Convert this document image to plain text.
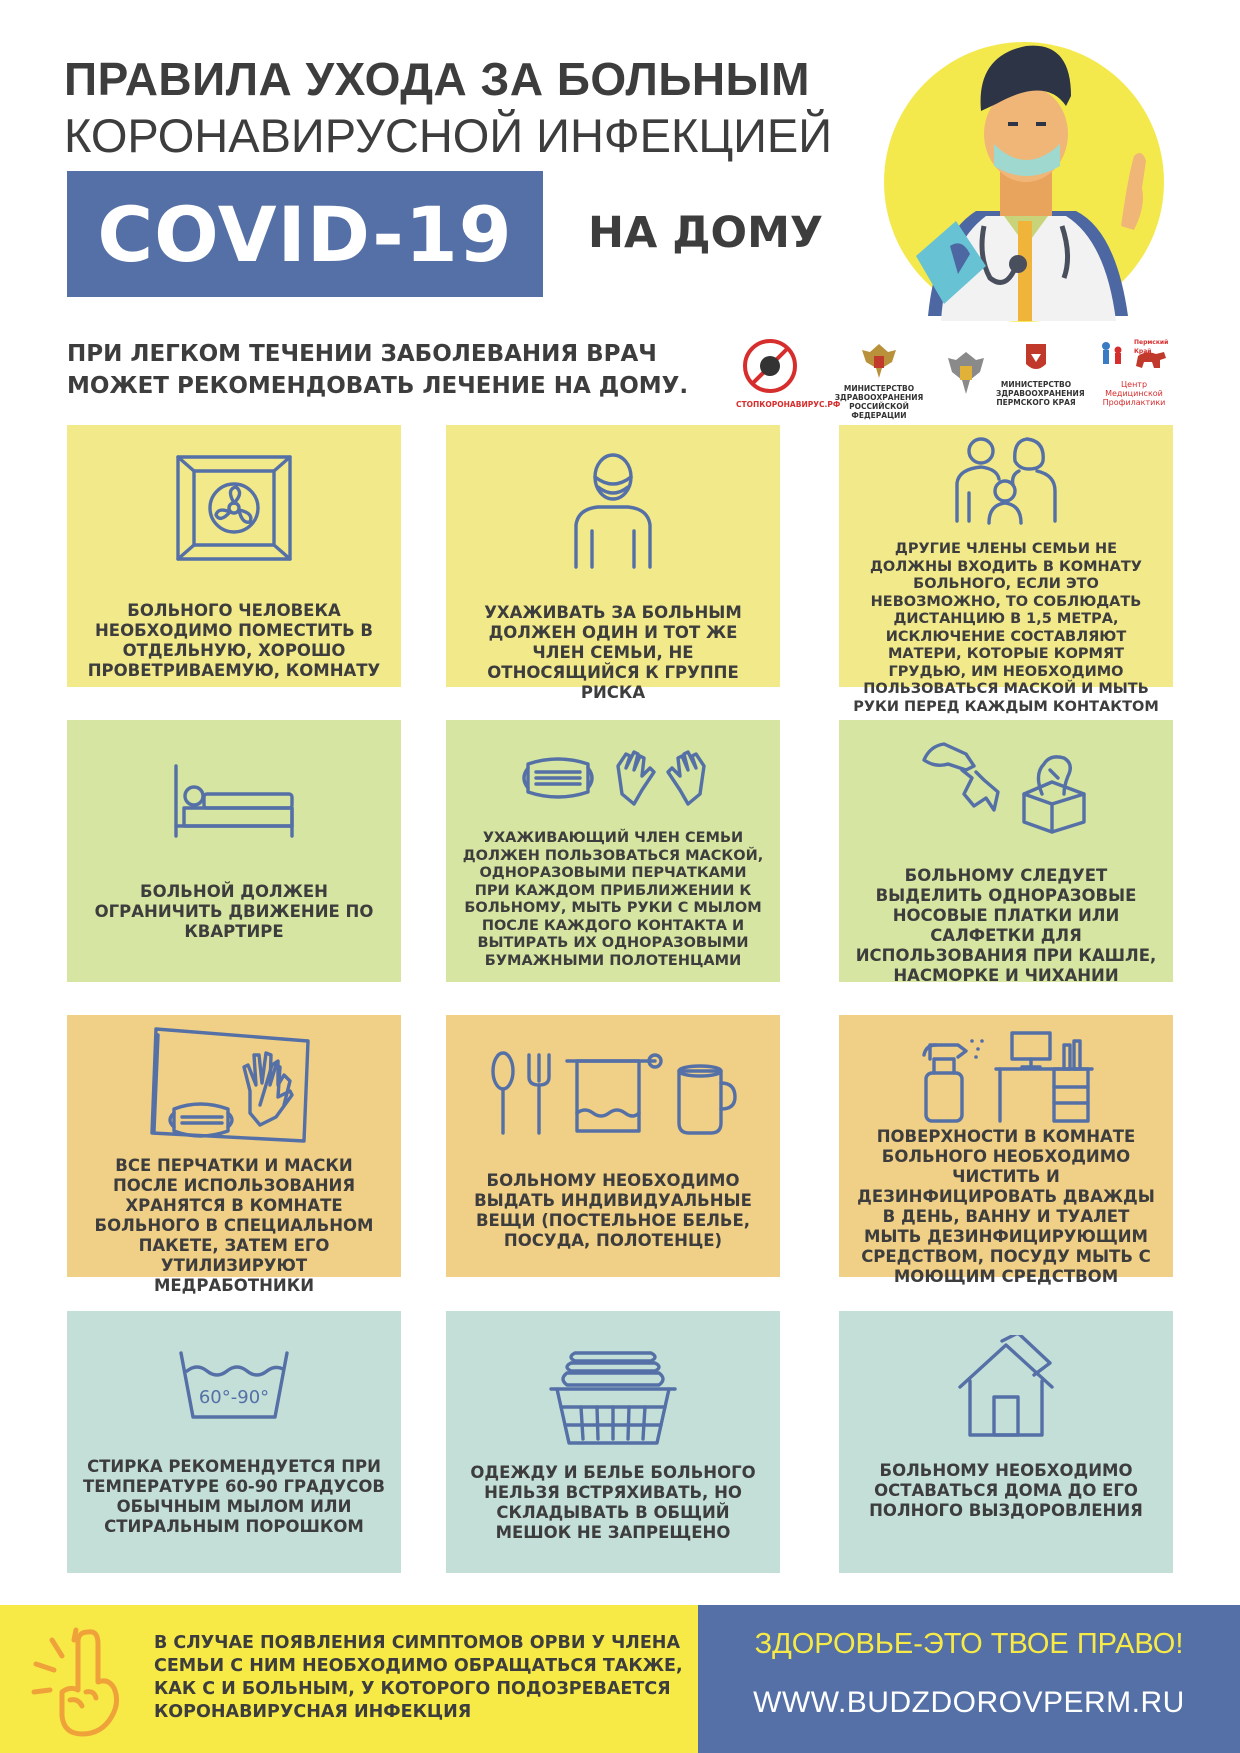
ПРАВИЛА УХОДА ЗА БОЛЬНЫМ
КОРОНАВИРУСНОЙ ИНФЕКЦИЕЙ
COVID-19	НА ДОМУ
ПРИ ЛЕГКОМ ТЕЧЕНИИ ЗАБОЛЕВАНИЯ ВРАЧ
МОЖЕТ РЕКОМЕНДОВАТЬ ЛЕЧЕНИЕ НА ДОМУ.
СТОПКОРОНАВИРУС.РФ
МИНИСТЕРСТВО ЗДРАВООХРАНЕНИЯ РОССИЙСКОЙ ФЕДЕРАЦИИ
МИНИСТЕРСТВО ЗДРАВООХРАНЕНИЯ ПЕРМСКОГО КРАЯ
Пермский Край
Центр Медицинской Профилактики
БОЛЬНОГО ЧЕЛОВЕКА НЕОБХОДИМО ПОМЕСТИТЬ В ОТДЕЛЬНУЮ, ХОРОШО ПРОВЕТРИВАЕМУЮ, КОМНАТУ
УХАЖИВАТЬ ЗА БОЛЬНЫМ ДОЛЖЕН ОДИН И ТОТ ЖЕ ЧЛЕН СЕМЬИ, НЕ ОТНОСЯЩИЙСЯ К ГРУППЕ РИСКА
ДРУГИЕ ЧЛЕНЫ СЕМЬИ НЕ ДОЛЖНЫ ВХОДИТЬ В КОМНАТУ БОЛЬНОГО, ЕСЛИ ЭТО НЕВОЗМОЖНО, ТО СОБЛЮДАТЬ ДИСТАНЦИЮ В 1,5 МЕТРА, ИСКЛЮЧЕНИЕ СОСТАВЛЯЮТ МАТЕРИ, КОТОРЫЕ КОРМЯТ ГРУДЬЮ, ИМ НЕОБХОДИМО ПОЛЬЗОВАТЬСЯ МАСКОЙ И МЫТЬ РУКИ ПЕРЕД КАЖДЫМ КОНТАКТОМ
БОЛЬНОЙ ДОЛЖЕН ОГРАНИЧИТЬ ДВИЖЕНИЕ ПО КВАРТИРЕ
УХАЖИВАЮЩИЙ ЧЛЕН СЕМЬИ ДОЛЖЕН ПОЛЬЗОВАТЬСЯ МАСКОЙ, ОДНОРАЗОВЫМИ ПЕРЧАТКАМИ ПРИ КАЖДОМ ПРИБЛИЖЕНИИ К БОЛЬНОМУ, МЫТЬ РУКИ С МЫЛОМ ПОСЛЕ КАЖДОГО КОНТАКТА И ВЫТИРАТЬ ИХ ОДНОРАЗОВЫМИ БУМАЖНЫМИ ПОЛОТЕНЦАМИ
БОЛЬНОМУ СЛЕДУЕТ ВЫДЕЛИТЬ ОДНОРАЗОВЫЕ НОСОВЫЕ ПЛАТКИ ИЛИ САЛФЕТКИ ДЛЯ ИСПОЛЬЗОВАНИЯ ПРИ КАШЛЕ, НАСМОРКЕ И ЧИХАНИИ
ВСЕ ПЕРЧАТКИ И МАСКИ ПОСЛЕ ИСПОЛЬЗОВАНИЯ ХРАНЯТСЯ В КОМНАТЕ БОЛЬНОГО В СПЕЦИАЛЬНОМ ПАКЕТЕ, ЗАТЕМ ЕГО УТИЛИЗИРУЮТ МЕДРАБОТНИКИ
БОЛЬНОМУ НЕОБХОДИМО ВЫДАТЬ ИНДИВИДУАЛЬНЫЕ ВЕЩИ (ПОСТЕЛЬНОЕ БЕЛЬЕ, ПОСУДА, ПОЛОТЕНЦЕ)
ПОВЕРХНОСТИ В КОМНАТЕ БОЛЬНОГО НЕОБХОДИМО ЧИСТИТЬ И ДЕЗИНФИЦИРОВАТЬ ДВАЖДЫ В ДЕНЬ, ВАННУ И ТУАЛЕТ МЫТЬ ДЕЗИНФИЦИРУЮЩИМ СРЕДСТВОМ, ПОСУДУ МЫТЬ С МОЮЩИМ СРЕДСТВОМ
60°-90°
СТИРКА РЕКОМЕНДУЕТСЯ ПРИ ТЕМПЕРАТУРЕ 60-90 ГРАДУСОВ ОБЫЧНЫМ МЫЛОМ ИЛИ СТИРАЛЬНЫМ ПОРОШКОМ
ОДЕЖДУ И БЕЛЬЕ БОЛЬНОГО НЕЛЬЗЯ ВСТРЯХИВАТЬ, НО СКЛАДЫВАТЬ В ОБЩИЙ МЕШОК НЕ ЗАПРЕЩЕНО
БОЛЬНОМУ НЕОБХОДИМО ОСТАВАТЬСЯ ДОМА ДО ЕГО ПОЛНОГО ВЫЗДОРОВЛЕНИЯ
В СЛУЧАЕ ПОЯВЛЕНИЯ СИМПТОМОВ ОРВИ У ЧЛЕНА СЕМЬИ С НИМ НЕОБХОДИМО ОБРАЩАТЬСЯ ТАКЖЕ, КАК С И БОЛЬНЫМ, У КОТОРОГО ПОДОЗРЕВАЕТСЯ КОРОНАВИРУСНАЯ ИНФЕКЦИЯ
ЗДОРОВЬЕ-ЭТО ТВОЕ ПРАВО!
WWW.BUDZDOROVPERM.RU
